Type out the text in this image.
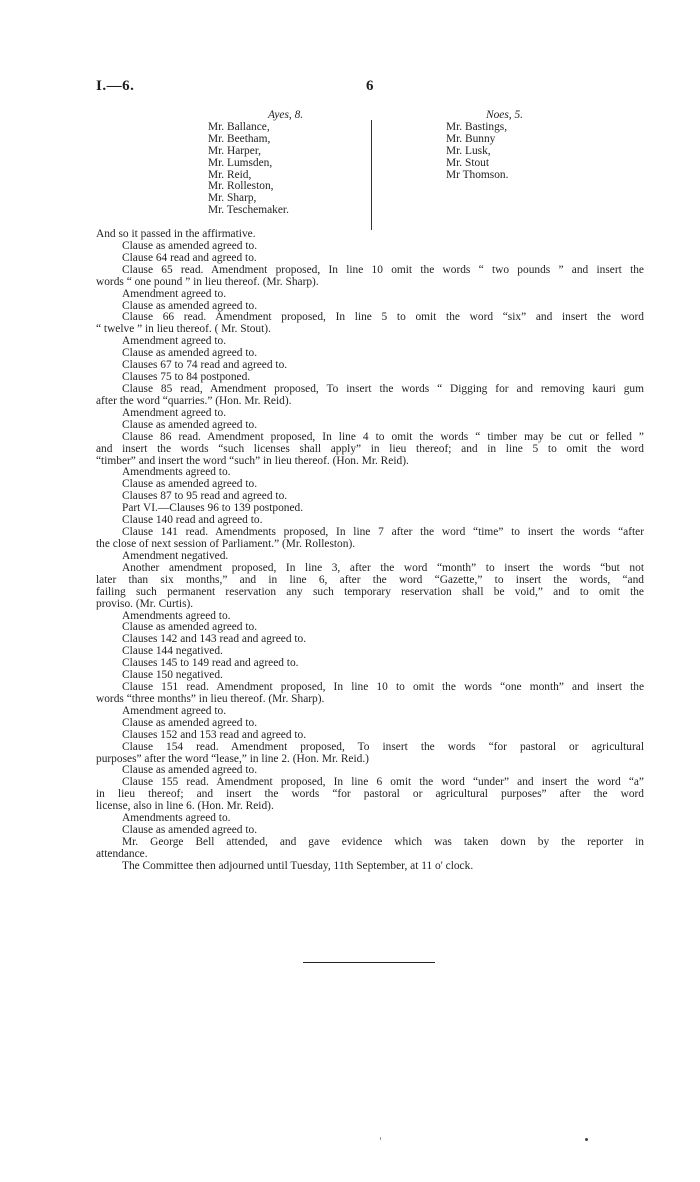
I.—6.	6
Ayes, 8.
Mr. Ballance,
Mr. Beetham,
Mr. Harper,
Mr. Lumsden,
Mr. Reid,
Mr. Rolleston,
Mr. Sharp,
Mr. Teschemaker.
Noes, 5.
Mr. Bastings,
Mr. Bunny
Mr. Lusk,
Mr. Stout
Mr Thomson.
And so it passed in the affirmative.
Clause as amended agreed to.
Clause 64 read and agreed to.
Clause 65 read. Amendment proposed, In line 10 omit the words “ two pounds ” and insert the
words “ one pound ” in lieu thereof. (Mr. Sharp).
Amendment agreed to.
Clause as amended agreed to.
Clause 66 read. Amendment proposed, In line 5 to omit the word “six” and insert the word
“ twelve ” in lieu thereof. ( Mr. Stout).
Amendment agreed to.
Clause as amended agreed to.
Clauses 67 to 74 read and agreed to.
Clauses 75 to 84 postponed.
Clause 85 read, Amendment proposed, To insert the words “ Digging for and removing kauri gum
after the word “quarries.” (Hon. Mr. Reid).
Amendment agreed to.
Clause as amended agreed to.
Clause 86 read. Amendment proposed, In line 4 to omit the words “ timber may be cut or felled ”
and insert the words “such licenses shall apply” in lieu thereof; and in line 5 to omit the word
“timber” and insert the word “such” in lieu thereof. (Hon. Mr. Reid).
Amendments agreed to.
Clause as amended agreed to.
Clauses 87 to 95 read and agreed to.
Part VI.—Clauses 96 to 139 postponed.
Clause 140 read and agreed to.
Clause 141 read. Amendments proposed, In line 7 after the word “time” to insert the words “after
the close of next session of Parliament.” (Mr. Rolleston).
Amendment negatived.
Another amendment proposed, In line 3, after the word “month” to insert the words “but not
later than six months,” and in line 6, after the word “Gazette,” to insert the words, “and
failing such permanent reservation any such temporary reservation shall be void,” and to omit the
proviso. (Mr. Curtis).
Amendments agreed to.
Clause as amended agreed to.
Clauses 142 and 143 read and agreed to.
Clause 144 negatived.
Clauses 145 to 149 read and agreed to.
Clause 150 negatived.
Clause 151 read. Amendment proposed, In line 10 to omit the words “one month” and insert the
words “three months” in lieu thereof. (Mr. Sharp).
Amendment agreed to.
Clause as amended agreed to.
Clauses 152 and 153 read and agreed to.
Clause 154 read. Amendment proposed, To insert the words “for pastoral or agricultural
purposes” after the word “lease,” in line 2. (Hon. Mr. Reid.)
Clause as amended agreed to.
Clause 155 read. Amendment proposed, In line 6 omit the word “under” and insert the word “a”
in lieu thereof; and insert the words “for pastoral or agricultural purposes” after the word
license, also in line 6. (Hon. Mr. Reid).
Amendments agreed to.
Clause as amended agreed to.
Mr. George Bell attended, and gave evidence which was taken down by the reporter in
attendance.
The Committee then adjourned until Tuesday, 11th September, at 11 o' clock.
